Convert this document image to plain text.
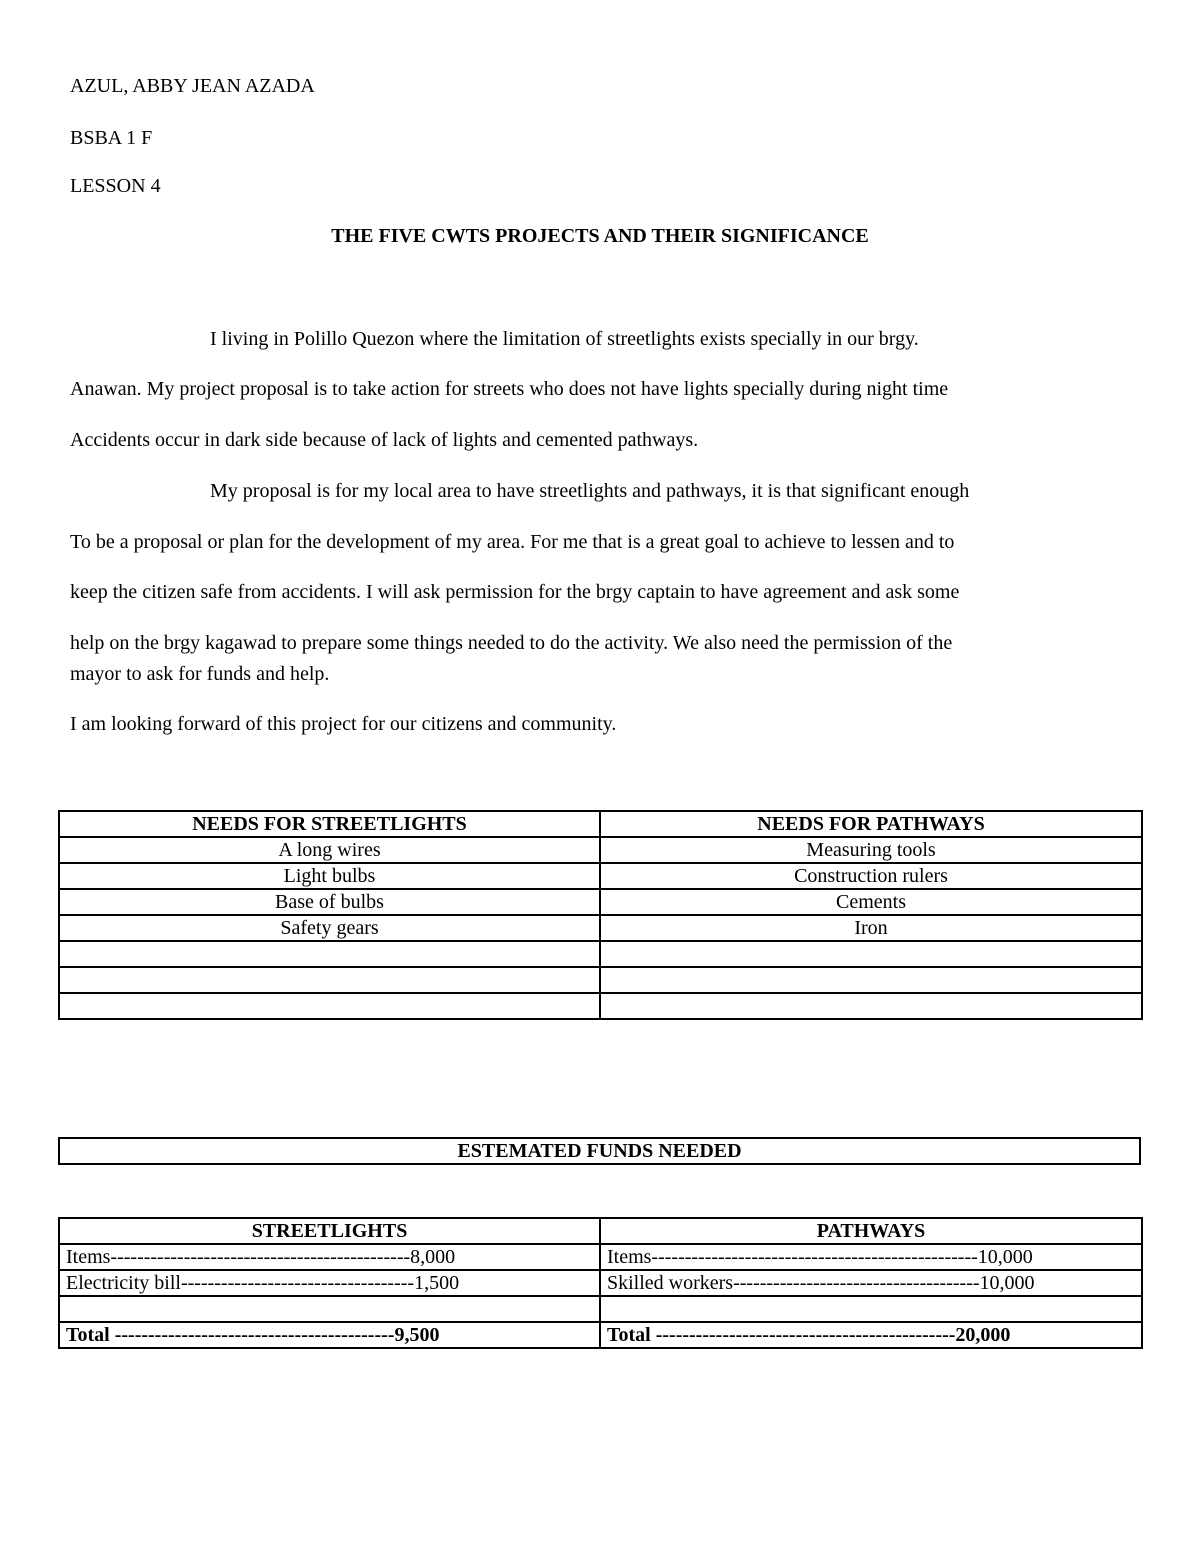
AZUL, ABBY JEAN AZADA
BSBA 1 F
LESSON 4
THE FIVE CWTS PROJECTS AND THEIR SIGNIFICANCE
I living in Polillo Quezon where the limitation of streetlights exists specially in our brgy.
Anawan. My project proposal is to take action for streets who does not have lights specially during night time
Accidents occur in dark side because of lack of lights and cemented pathways.
My proposal is for my local area to have streetlights and pathways, it is that significant enough
To be a proposal or plan for the development of my area. For me that is a great goal to achieve to lessen and to
keep the citizen safe from accidents. I will ask permission for the brgy captain to have agreement and ask some
help on the brgy kagawad to prepare some things needed to do the activity. We also need the permission of the
mayor to ask for funds and help.
I am looking forward of this project for our citizens and community.
NEEDS FOR STREETLIGHTS	NEEDS FOR PATHWAYS
A long wires	Measuring tools
Light bulbs	Construction rulers
Base of bulbs	Cements
Safety gears	Iron

ESTEMATED FUNDS NEEDED
STREETLIGHTS	PATHWAYS
Items---------------------------------------------8,000	Items-------------------------------------------------10,000
Electricity bill-----------------------------------1,500	Skilled workers-------------------------------------10,000

Total ------------------------------------------9,500	Total ---------------------------------------------20,000
